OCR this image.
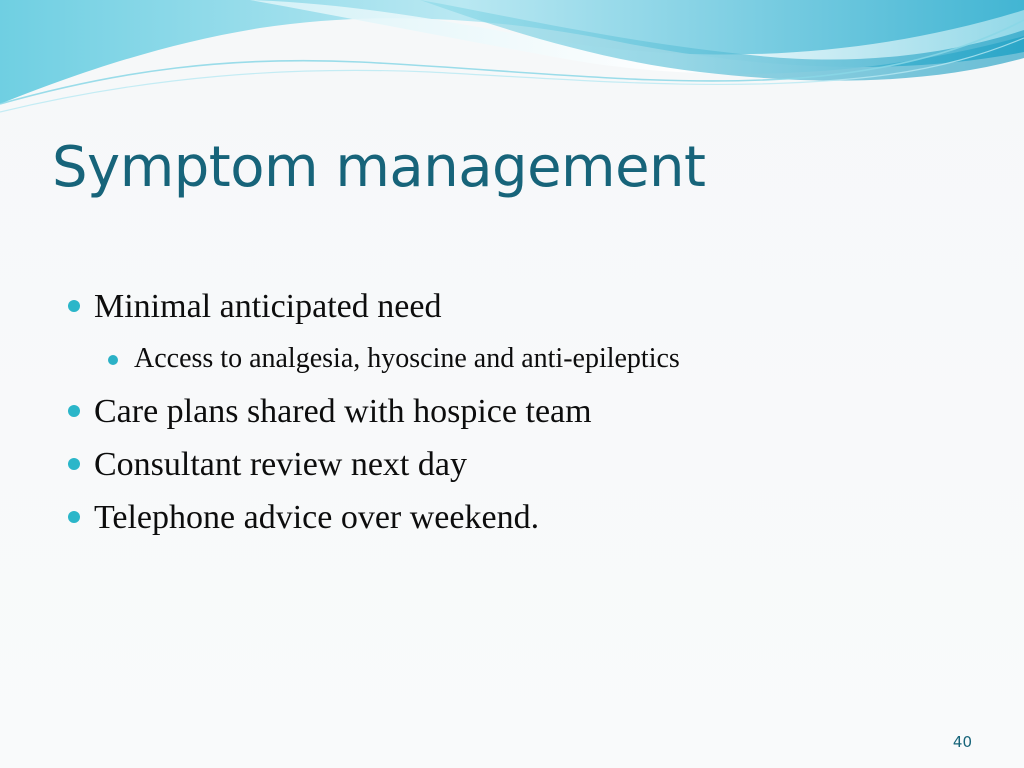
Symptom management
Minimal anticipated need
Access to analgesia, hyoscine and anti-epileptics
Care plans shared with hospice team
Consultant review next day
Telephone advice over weekend.
40
